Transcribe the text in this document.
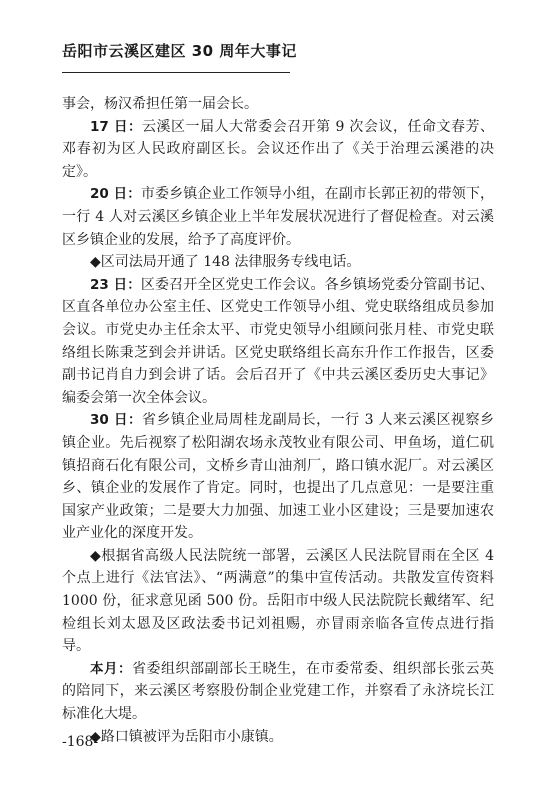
岳阳市云溪区建区 30 周年大事记

事会，杨汉希担任第一届会长。

17 日：云溪区一届人大常委会召开第 9 次会议，任命文春芳、邓春初为区人民政府副区长。会议还作出了《关于治理云溪港的决定》。

20 日：市委乡镇企业工作领导小组，在副市长郭正初的带领下，一行 4 人对云溪区乡镇企业上半年发展状况进行了督促检查。对云溪区乡镇企业的发展，给予了高度评价。

◆区司法局开通了 148 法律服务专线电话。

23 日：区委召开全区党史工作会议。各乡镇场党委分管副书记、区直各单位办公室主任、区党史工作领导小组、党史联络组成员参加会议。市党史办主任余太平、市党史领导小组顾问张月桂、市党史联络组长陈秉芝到会并讲话。区党史联络组长高东升作工作报告，区委副书记肖自力到会讲了话。会后召开了《中共云溪区委历史大事记》编委会第一次全体会议。

30 日：省乡镇企业局周桂龙副局长，一行 3 人来云溪区视察乡镇企业。先后视察了松阳湖农场永茂牧业有限公司、甲鱼场，道仁矶镇招商石化有限公司，文桥乡青山油剂厂，路口镇水泥厂。对云溪区乡、镇企业的发展作了肯定。同时，也提出了几点意见：一是要注重国家产业政策；二是要大力加强、加速工业小区建设；三是要加速农业产业化的深度开发。

◆根据省高级人民法院统一部署，云溪区人民法院冒雨在全区 4 个点上进行《法官法》、“两满意”的集中宣传活动。共散发宣传资料 1000 份，征求意见函 500 份。岳阳市中级人民法院院长戴绪军、纪检组长刘太恩及区政法委书记刘祖赐，亦冒雨亲临各宣传点进行指导。

本月：省委组织部副部长王晓生，在市委常委、组织部长张云英的陪同下，来云溪区考察股份制企业党建工作，并察看了永济垸长江标准化大堤。

◆路口镇被评为岳阳市小康镇。

-168-
